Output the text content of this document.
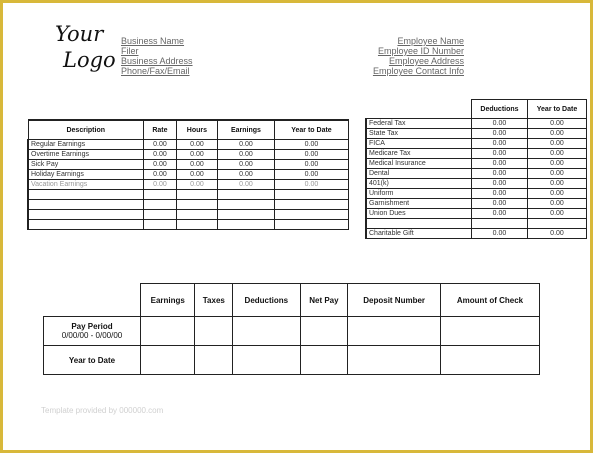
Your
Logo
Business Name
Filer
Business Address
Phone/Fax/Email
Employee Name
Employee ID Number
Employee Address
Employee Contact Info
Description	Rate	Hours	Earnings	Year to Date
Regular Earnings	0.00	0.00	0.00	0.00
Overtime Earnings	0.00	0.00	0.00	0.00
Sick Pay	0.00	0.00	0.00	0.00
Holiday Earnings	0.00	0.00	0.00	0.00
Vacation Earnings	0.00	0.00	0.00	0.00

	Deductions	Year to Date
Federal Tax	0.00	0.00
State Tax	0.00	0.00
FICA	0.00	0.00
Medicare Tax	0.00	0.00
Medical Insurance	0.00	0.00
Dental	0.00	0.00
401(k)	0.00	0.00
Uniform	0.00	0.00
Garnishment	0.00	0.00
Union Dues	0.00	0.00

Charitable Gift	0.00	0.00
	Earnings	Taxes	Deductions	Net Pay	Deposit Number	Amount of Check

Pay Period
0/00/00 - 0/00/00						

Year to Date						
Template provided by 000000.com
